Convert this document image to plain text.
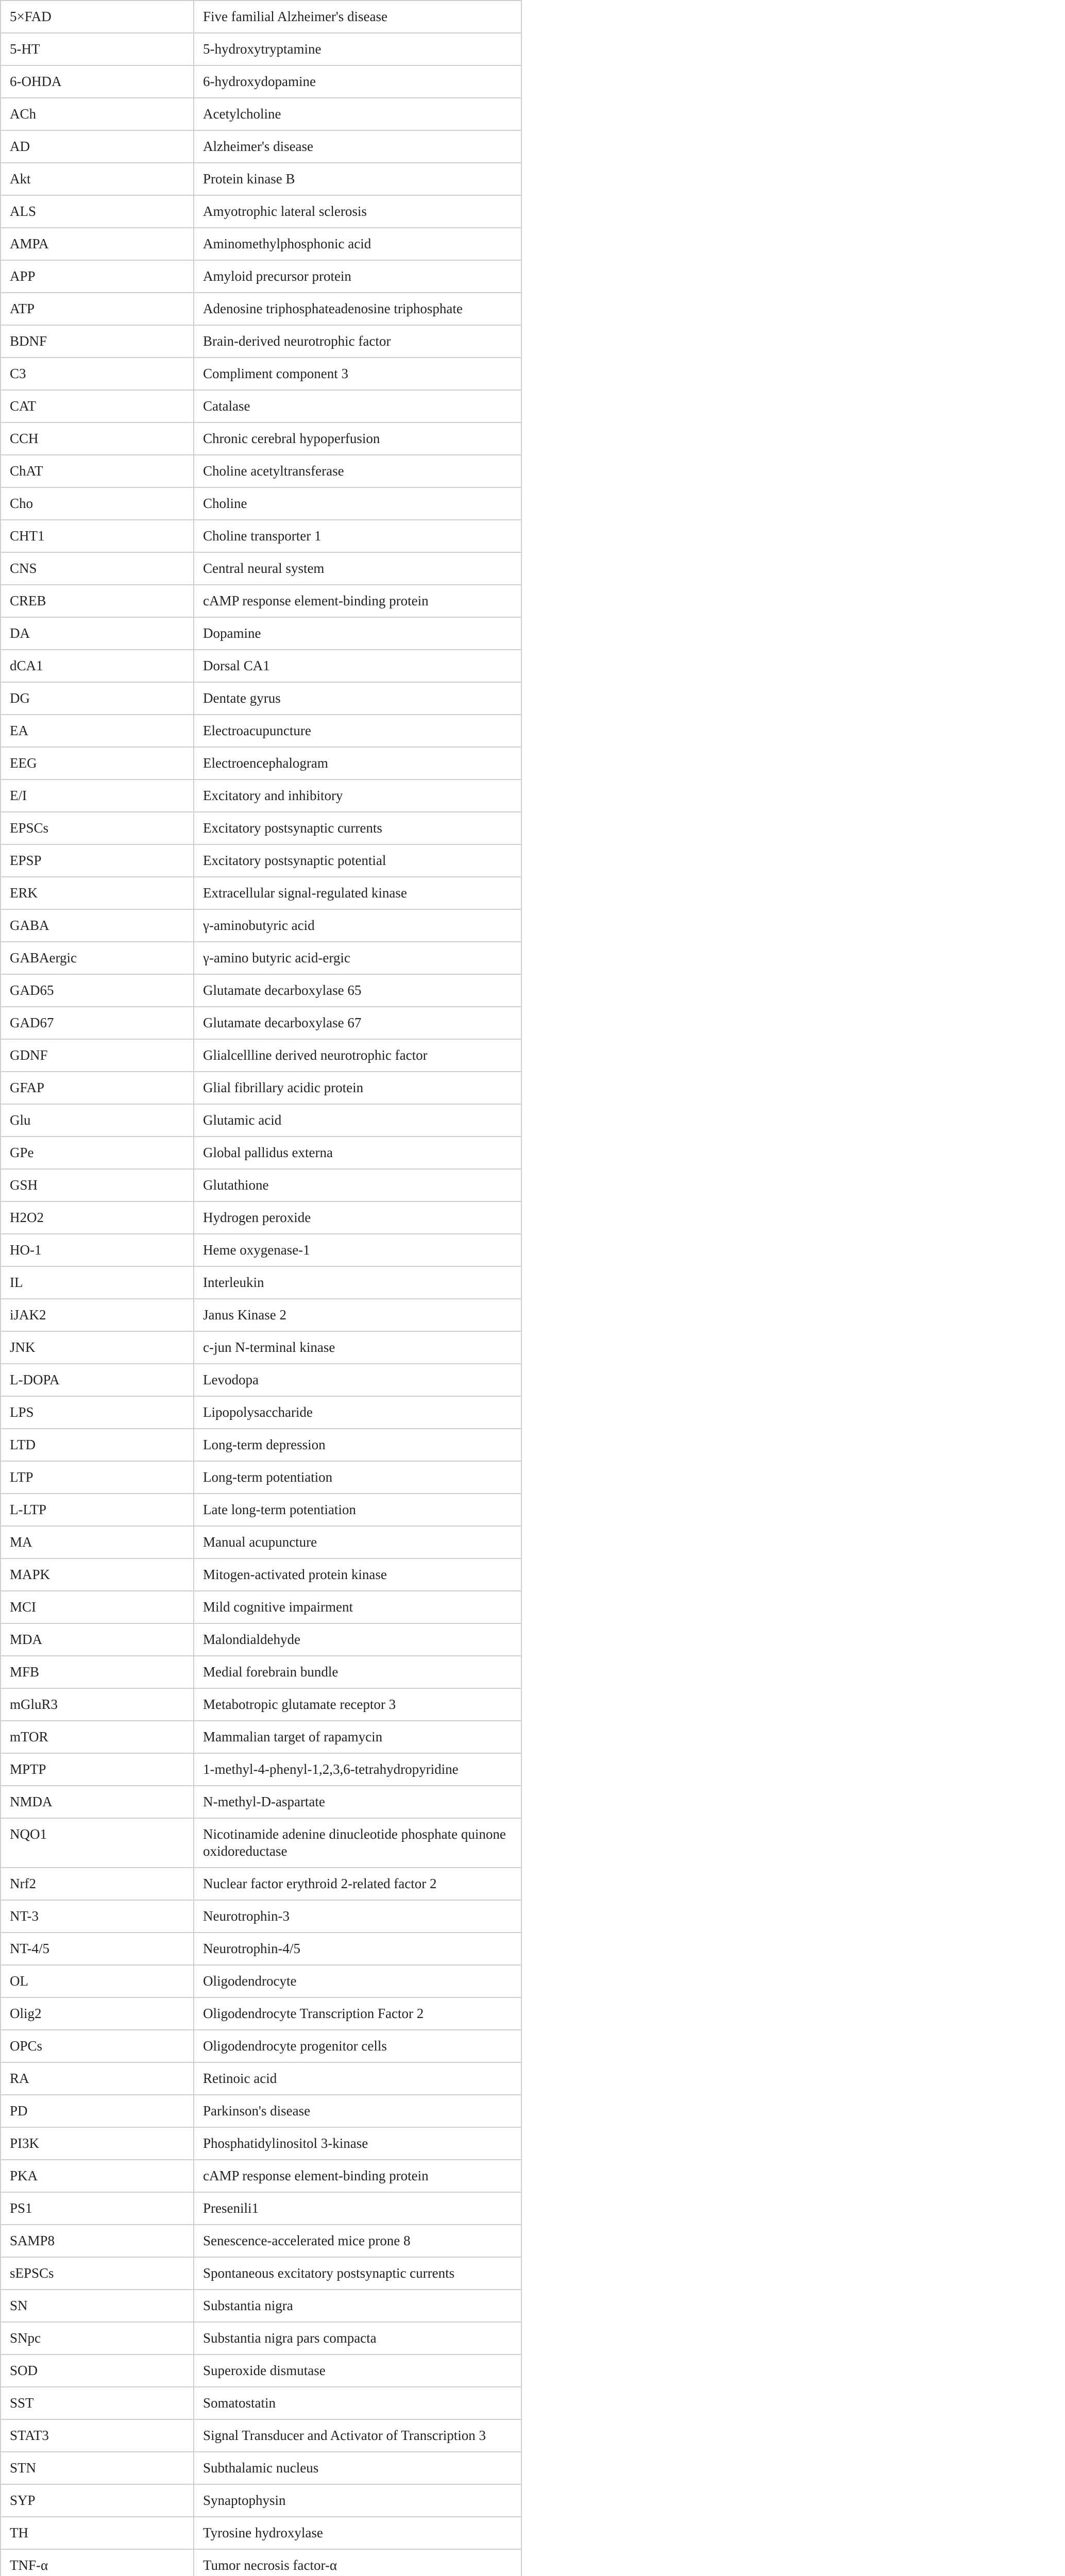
5×FAD	Five familial Alzheimer's disease
5-HT	5-hydroxytryptamine
6-OHDA	6-hydroxydopamine
ACh	Acetylcholine
AD	Alzheimer's disease
Akt	Protein kinase B
ALS	Amyotrophic lateral sclerosis
AMPA	Aminomethylphosphonic acid
APP	Amyloid precursor protein
ATP	Adenosine triphosphateadenosine triphosphate
BDNF	Brain-derived neurotrophic factor
C3	Compliment component 3
CAT	Catalase
CCH	Chronic cerebral hypoperfusion
ChAT	Choline acetyltransferase
Cho	Choline
CHT1	Choline transporter 1
CNS	Central neural system
CREB	cAMP response element-binding protein
DA	Dopamine
dCA1	Dorsal CA1
DG	Dentate gyrus
EA	Electroacupuncture
EEG	Electroencephalogram
E/I	Excitatory and inhibitory
EPSCs	Excitatory postsynaptic currents
EPSP	Excitatory postsynaptic potential
ERK	Extracellular signal-regulated kinase
GABA	γ-aminobutyric acid
GABAergic	γ-amino butyric acid-ergic
GAD65	Glutamate decarboxylase 65
GAD67	Glutamate decarboxylase 67
GDNF	Glialcellline derived neurotrophic factor
GFAP	Glial fibrillary acidic protein
Glu	Glutamic acid
GPe	Global pallidus externa
GSH	Glutathione
H2O2	Hydrogen peroxide
HO-1	Heme oxygenase-1
IL	Interleukin
iJAK2	Janus Kinase 2
JNK	c-jun N-terminal kinase
L-DOPA	Levodopa
LPS	Lipopolysaccharide
LTD	Long-term depression
LTP	Long-term potentiation
L-LTP	Late long-term potentiation
MA	Manual acupuncture
MAPK	Mitogen-activated protein kinase
MCI	Mild cognitive impairment
MDA	Malondialdehyde
MFB	Medial forebrain bundle
mGluR3	Metabotropic glutamate receptor 3
mTOR	Mammalian target of rapamycin
MPTP	1-methyl-4-phenyl-1,2,3,6-tetrahydropyridine
NMDA	N-methyl-D-aspartate
NQO1	Nicotinamide adenine dinucleotide phosphate quinone oxidoreductase
Nrf2	Nuclear factor erythroid 2-related factor 2
NT-3	Neurotrophin-3
NT-4/5	Neurotrophin-4/5
OL	Oligodendrocyte
Olig2	Oligodendrocyte Transcription Factor 2
OPCs	Oligodendrocyte progenitor cells
RA	Retinoic acid
PD	Parkinson's disease
PI3K	Phosphatidylinositol 3-kinase
PKA	cAMP response element-binding protein
PS1	Presenili1
SAMP8	Senescence-accelerated mice prone 8
sEPSCs	Spontaneous excitatory postsynaptic currents
SN	Substantia nigra
SNpc	Substantia nigra pars compacta
SOD	Superoxide dismutase
SST	Somatostatin
STAT3	Signal Transducer and Activator of Transcription 3
STN	Subthalamic nucleus
SYP	Synaptophysin
TH	Tyrosine hydroxylase
TNF-α	Tumor necrosis factor-α
